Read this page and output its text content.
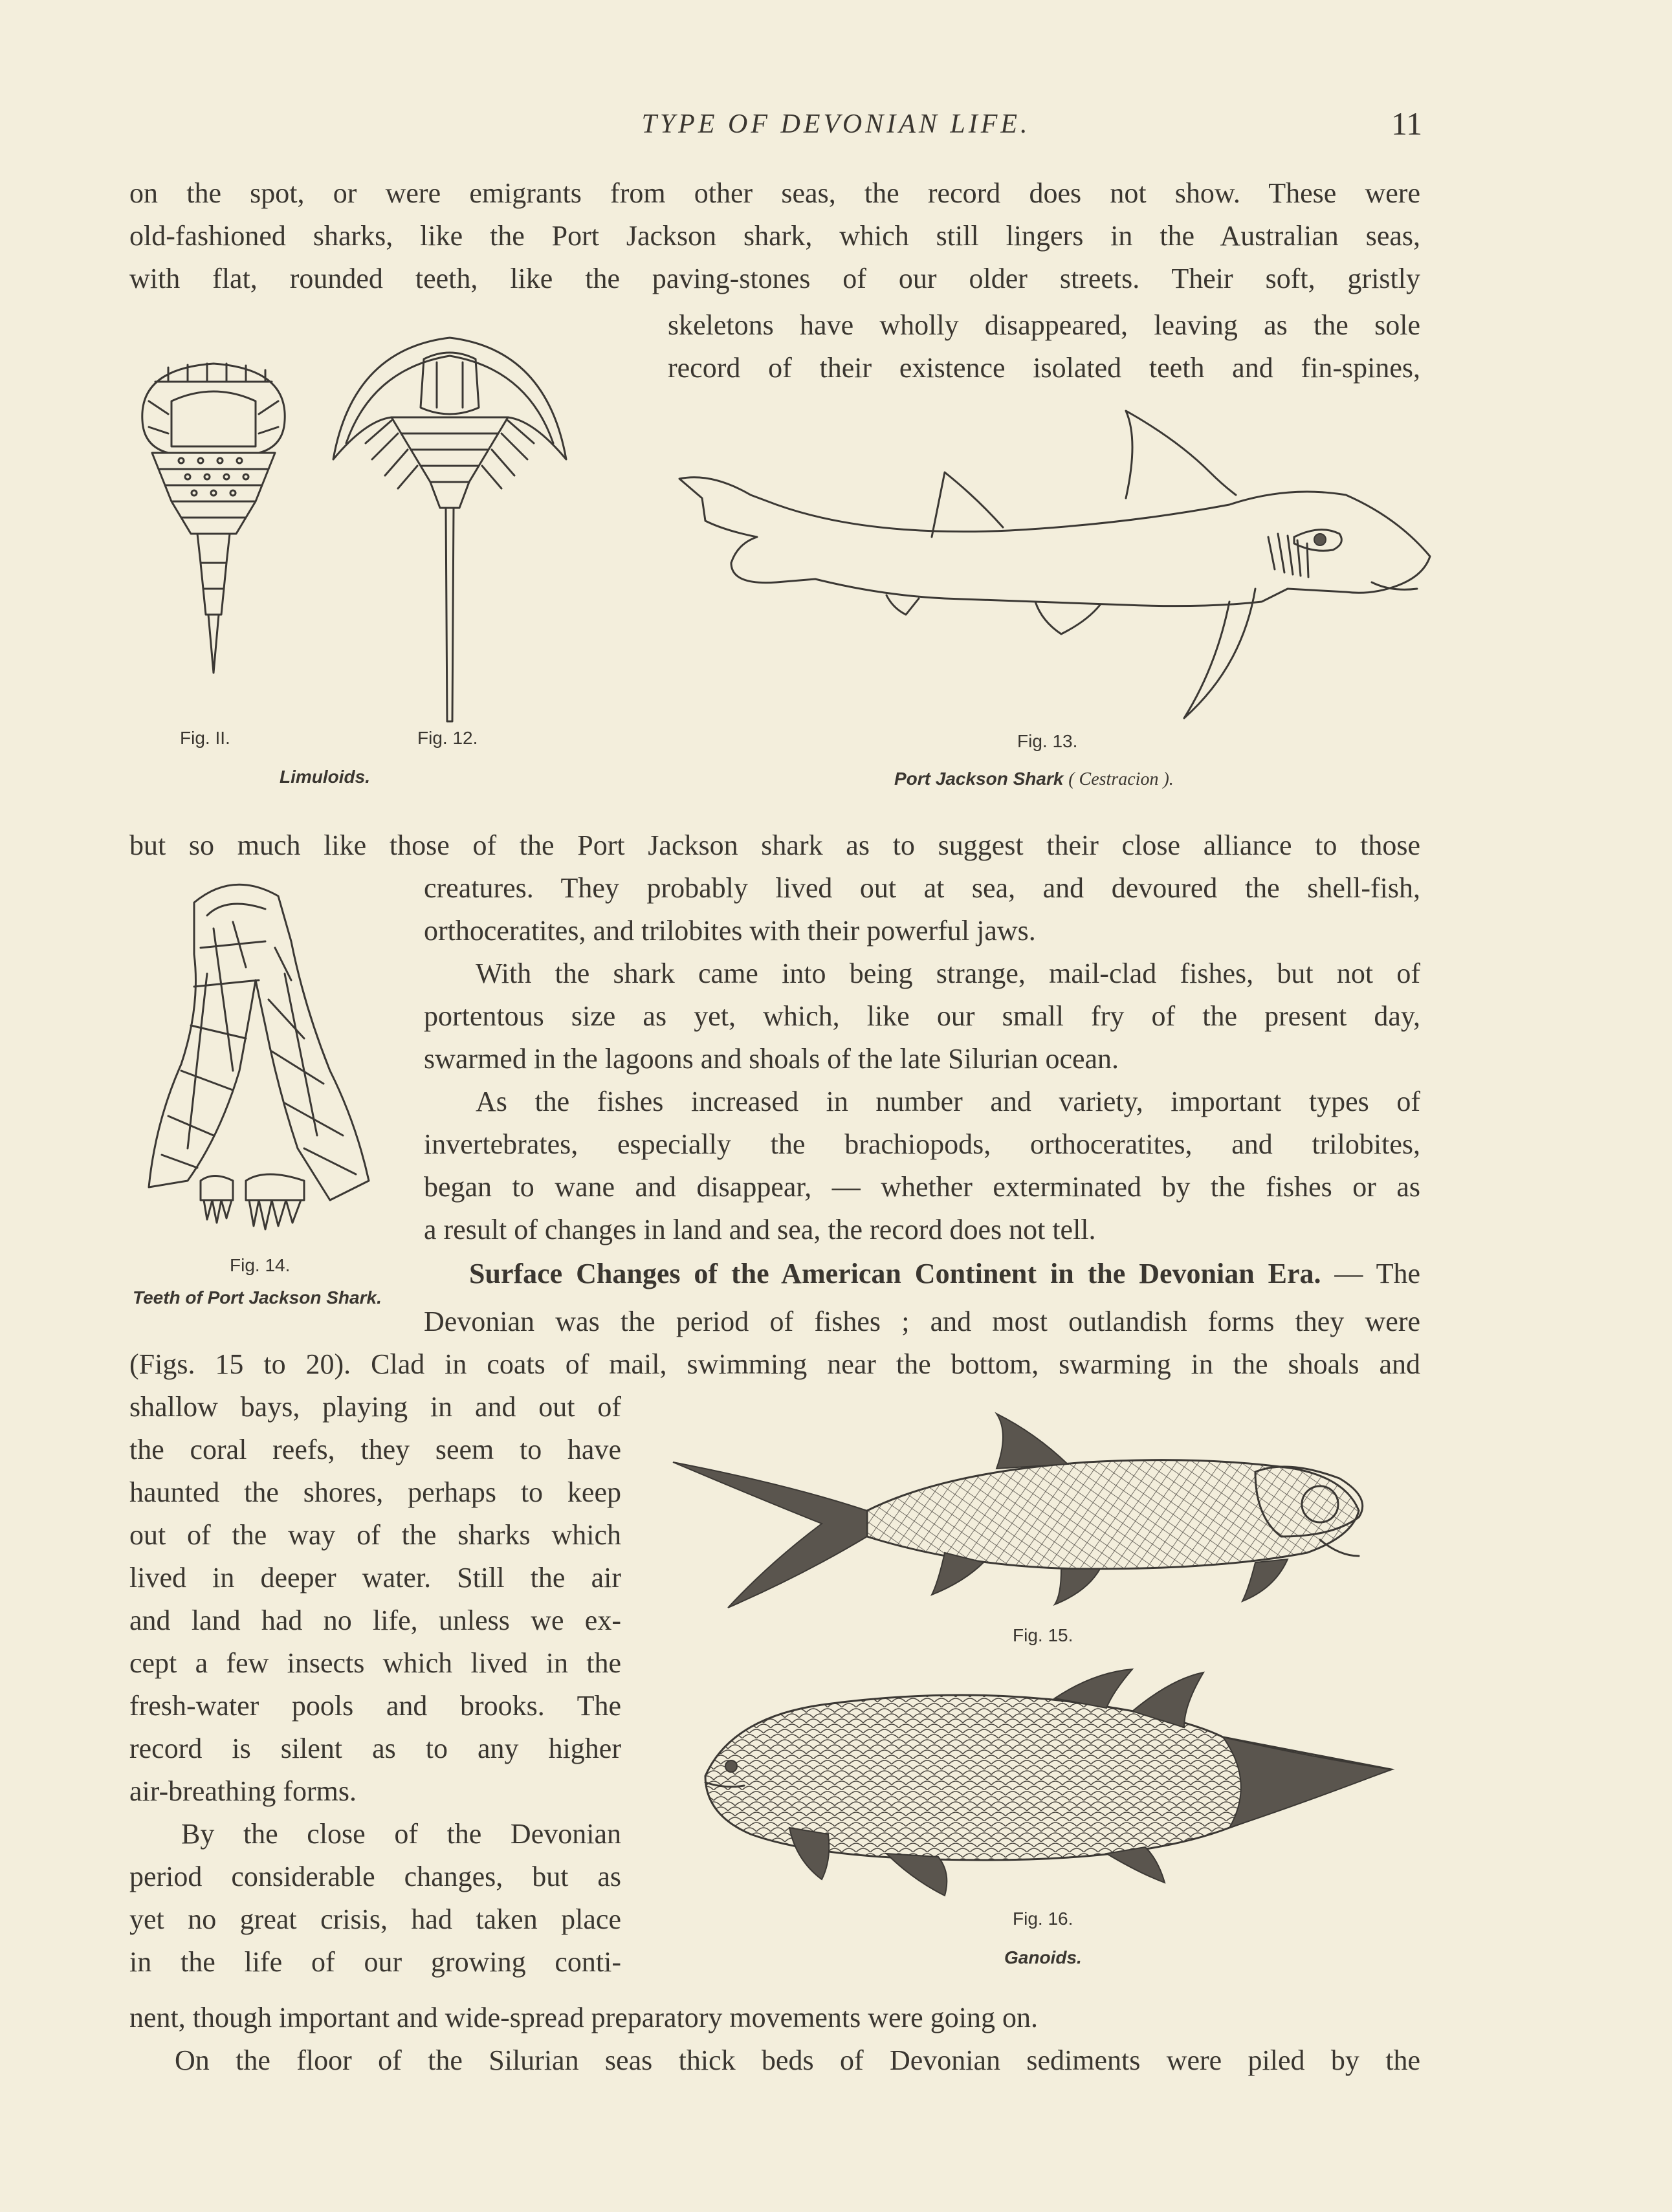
TYPE OF DEVONIAN LIFE.	11
on the spot, or were emigrants from other seas, the record does not show. These were
old-fashioned sharks, like the Port Jackson shark, which still lingers in the Australian seas,
with flat, rounded teeth, like the paving-stones of our older streets. Their soft, gristly
skeletons have wholly disappeared, leaving as the sole
record of their existence isolated teeth and fin-spines,
Fig. II.	Fig. 12.
Limuloids.
Fig. 13.
Port Jackson Shark ( Cestracion ).
but so much like those of the Port Jackson shark as to suggest their close alliance to those
creatures. They probably lived out at sea, and devoured the shell-fish,
orthoceratites, and trilobites with their powerful jaws.
With the shark came into being strange, mail-clad fishes, but not of
portentous size as yet, which, like our small fry of the present day,
swarmed in the lagoons and shoals of the late Silurian ocean.
As the fishes increased in number and variety, important types of
invertebrates, especially the brachiopods, orthoceratites, and trilobites,
began to wane and disappear, — whether exterminated by the fishes or as
a result of changes in land and sea, the record does not tell.
Surface Changes of the American Continent in the Devonian Era. — The
Devonian was the period of fishes ; and most outlandish forms they were
(Figs. 15 to 20). Clad in coats of mail, swimming near the bottom, swarming in the shoals and
Fig. 14.
Teeth of Port Jackson Shark.
shallow bays, playing in and out of
the coral reefs, they seem to have
haunted the shores, perhaps to keep
out of the way of the sharks which
lived in deeper water. Still the air
and land had no life, unless we ex-
cept a few insects which lived in the
fresh-water pools and brooks. The
record is silent as to any higher
air-breathing forms.
By the close of the Devonian
period considerable changes, but as
yet no great crisis, had taken place
in the life of our growing conti-
Fig. 15.
Fig. 16.
Ganoids.
nent, though important and wide-spread preparatory movements were going on.
On the floor of the Silurian seas thick beds of Devonian sediments were piled by the
